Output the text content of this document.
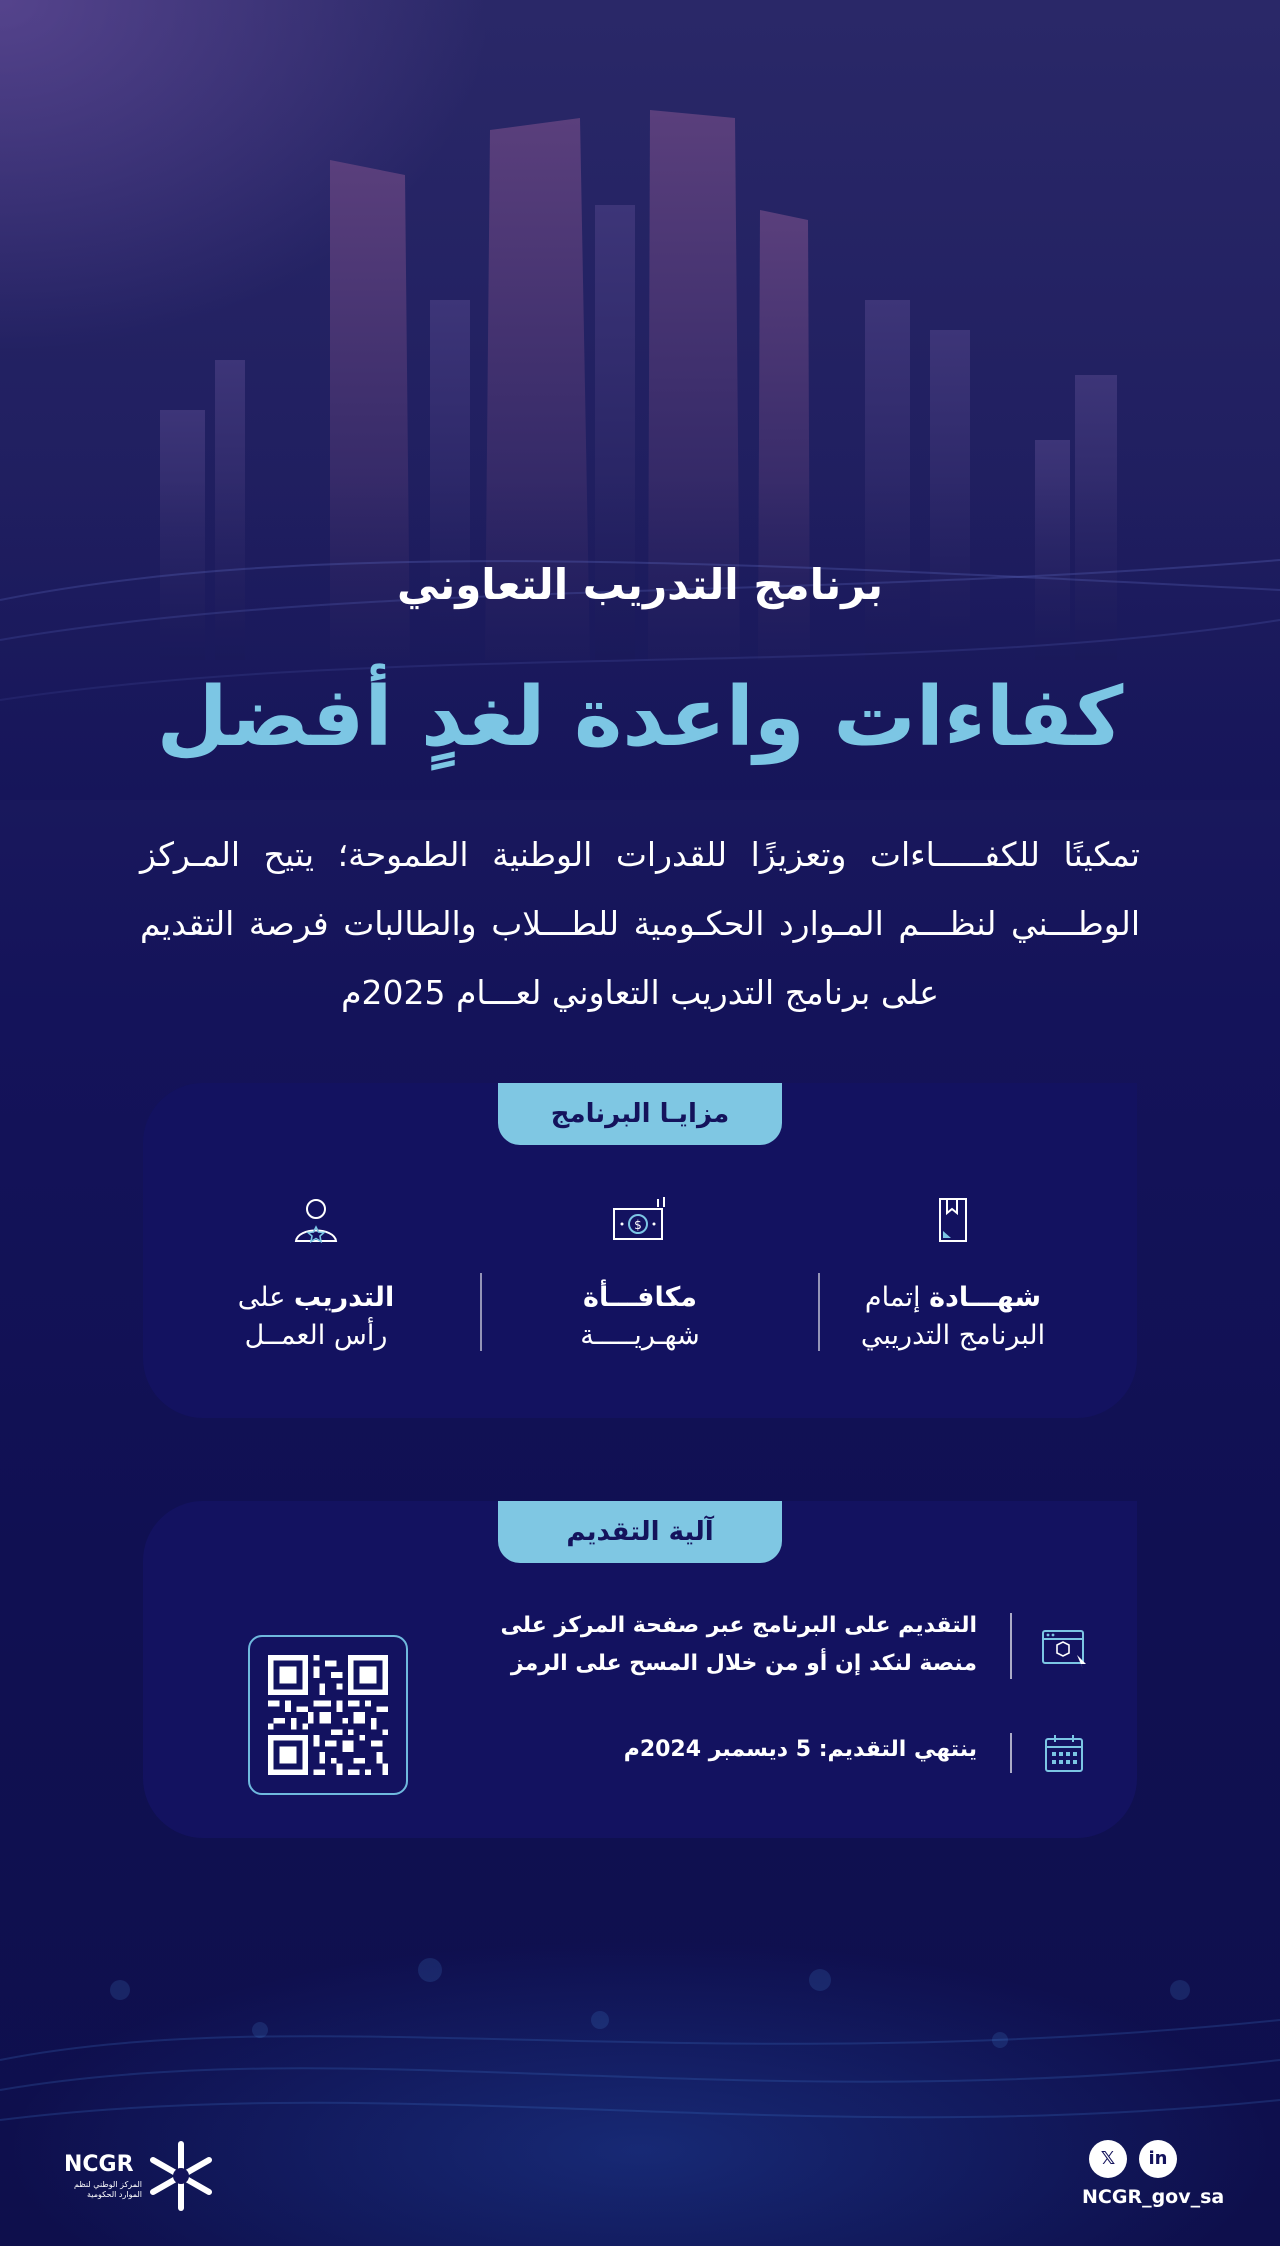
برنامج التدريب التعاوني
كفاءات واعدة لغدٍ أفضل
تمكينًا للكفـــــاءات وتعزيزًا للقدرات الوطنية الطموحة؛ يتيح المـركز الوطـــني لنظـــم المـوارد الحكـومية للطـــلاب والطالبات فرصة التقديم على برنامج التدريب التعاوني لعـــام 2025م
مزايـا البرنامج
شهـــادة إتمام
البرنامج التدريبي
$
مكافـــأة
شهـريـــــة
التدريب على
رأس العمــل
آلية التقديم
التقديم على البرنامج عبر صفحة المركز على
منصة لنكد إن أو من خلال المسح على الرمز
ينتهي التقديم: 5 ديسمبر 2024م
NCGR
المركز الوطني لنظم الموارد الحكومية
𝕏	in
NCGR_gov_sa
